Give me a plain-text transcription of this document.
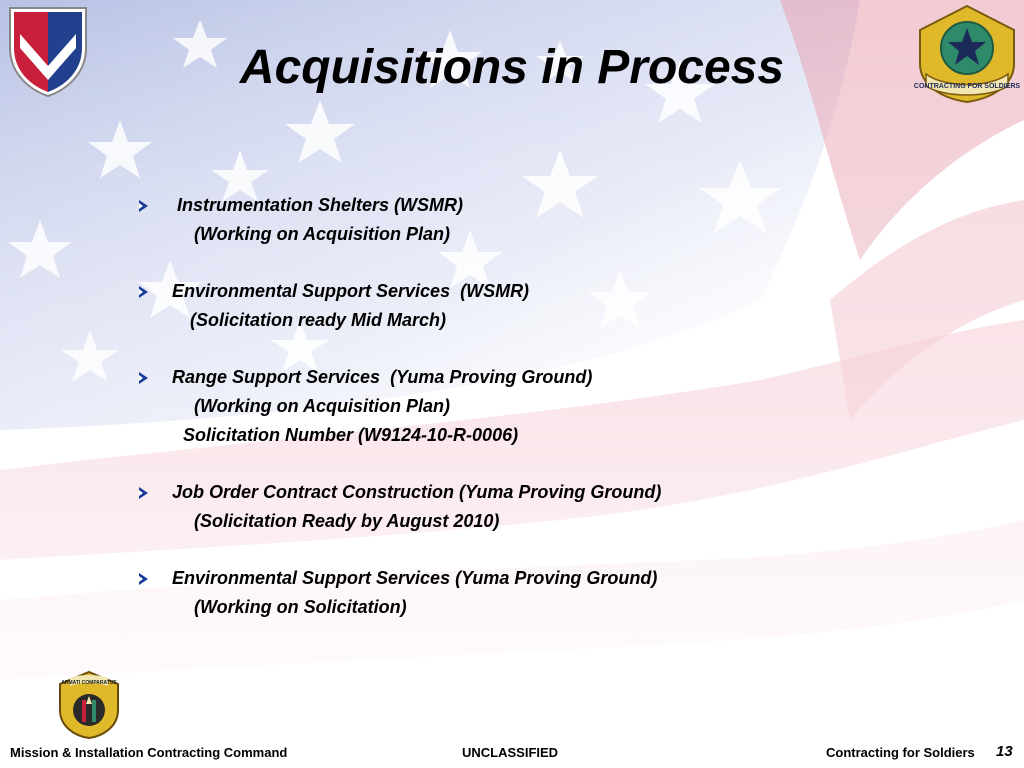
CONTRACTING FOR SOLDIERS
ARMATI COMPARATUS
Acquisitions in Process
Instrumentation Shelters (WSMR)
(Working on Acquisition Plan)
Environmental Support Services  (WSMR)
(Solicitation ready Mid March)
Range Support Services  (Yuma Proving Ground)
(Working on Acquisition Plan)
Solicitation Number (W9124-10-R-0006)
Job Order Contract Construction (Yuma Proving Ground)
(Solicitation Ready by August 2010)
Environmental Support Services (Yuma Proving Ground)
(Working on Solicitation)
Mission & Installation Contracting Command	UNCLASSIFIED	Contracting for Soldiers 13
